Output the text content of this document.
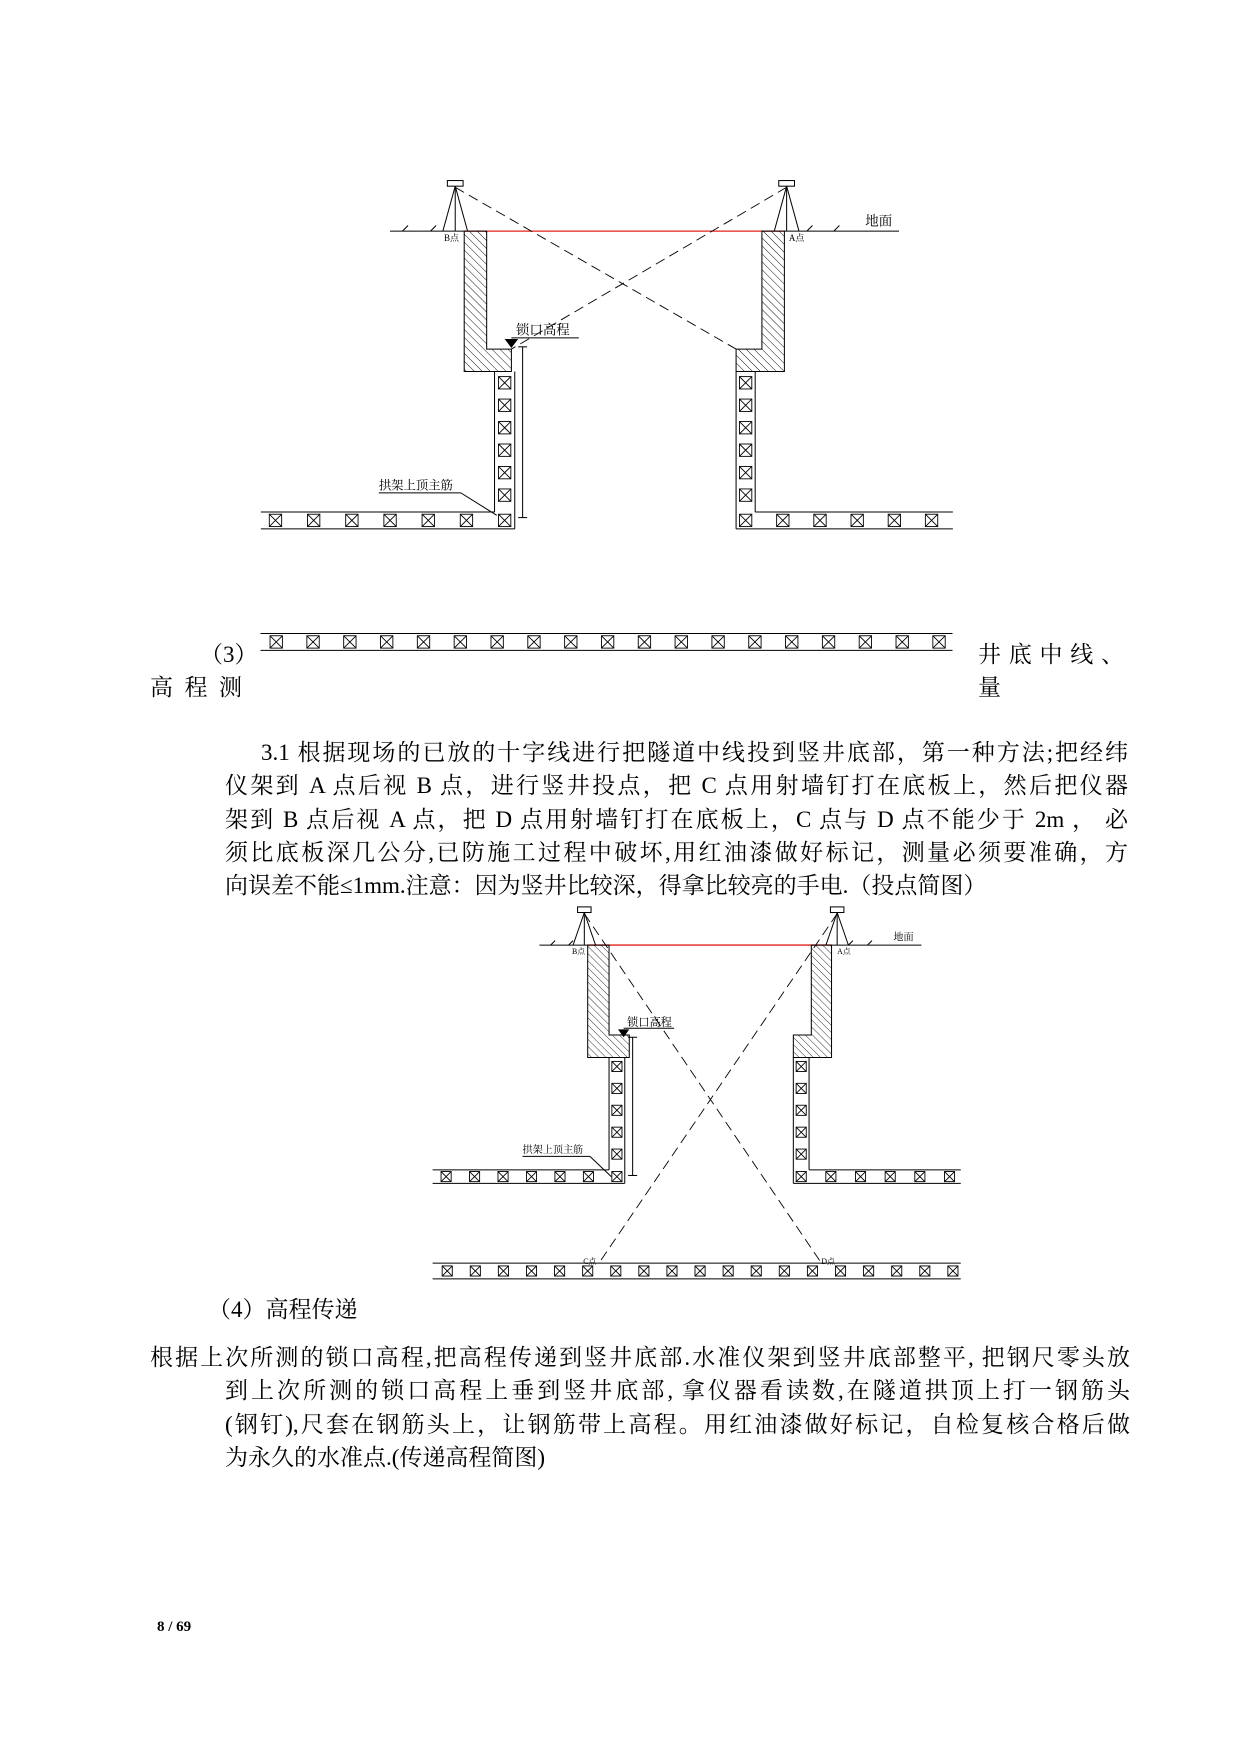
地面
锁口高程
拱架上顶主筋
B点	A点
（3）	井底中线、
高程测	量
3.1 根据现场的已放的十字线进行把隧道中线投到竖井底部，第一种方法;把经纬
仪架到 A 点后视 B 点，进行竖井投点，把 C 点用射墙钉打在底板上，然后把仪器
架到 B 点后视 A 点，把 D 点用射墙钉打在底板上，C 点与 D 点不能少于 2m ， 必
须比底板深几公分,已防施工过程中破坏,用红油漆做好标记，测量必须要准确，方
向误差不能≤1mm.注意：因为竖井比较深，得拿比较亮的手电.（投点简图）
地面
锁口高程
拱架上顶主筋
B点	A点
C点	D点
（4）高程传递
根据上次所测的锁口高程,把高程传递到竖井底部.水准仪架到竖井底部整平, 把钢尺零头放
到上次所测的锁口高程上垂到竖井底部, 拿仪器看读数,在隧道拱顶上打一钢筋头
(钢钉),尺套在钢筋头上，让钢筋带上高程。用红油漆做好标记，自检复核合格后做
为永久的水准点.(传递高程简图)
8 / 69
